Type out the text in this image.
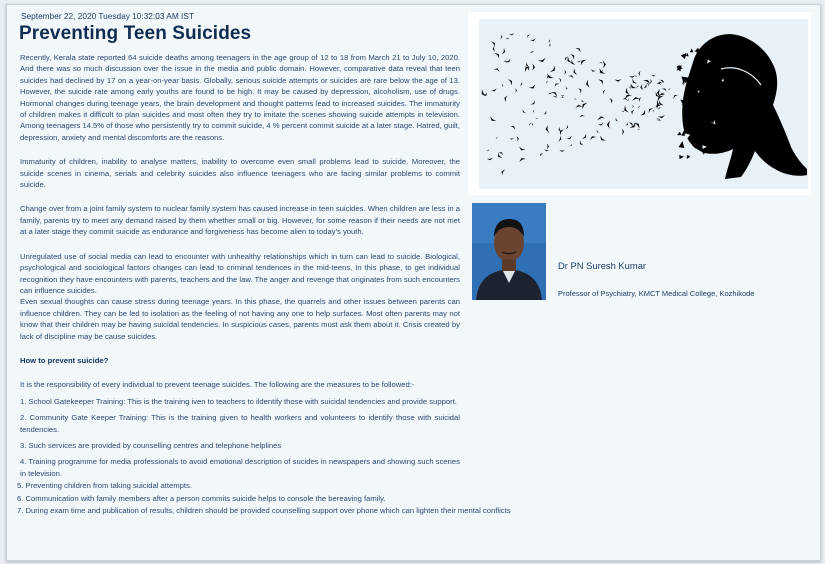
September 22, 2020 Tuesday 10:32:03 AM IST
Preventing Teen Suicides

Recently, Kerala state reported 64 suicide deaths among teenagers in the age group of 12 to 18 from March 21 to July 10, 2020. And there was so much discussion over the issue in the media and public domain. However, comparative data reveal that teen suicides had declined by 17 on a year-on-year basis. Globally, serious suicide attempts or suicides are rare below the age of 13. However, the suicide rate among early youths are found to be high. It may be caused by depression, alcoholism, use of drugs. Hormonal changes during teenage years, the brain development and thought patterns lead to increased suicides. The immaturity of children makes it difficult to plan suicides and most often they try to imitate the scenes showing suicide attempts in television. Among teenagers 14.5% of those who persistently try to commit suicide, 4 % percent commit suicide at a later stage. Hatred, guilt, depression, anxiety and mental discomforts are the reasons.

Immaturity of children, inability to analyse matters, inability to overcome even small problems lead to suicide. Moreover, the suicide scenes in cinema, serials and celebrity suicides also influence teenagers who are facing similar problems to commit suicide.

Change over from a joint family system to nuclear family system has caused increase in teen suicides. When children are less in a family, parents try to meet any demand raised by them whether small or big. However, for some reason if their needs are not met at a later stage they commit suicide as endurance and forgiveness has become alien to today's youth.

Unregulated use of social media can lead to encounter with unhealthy relationships which in turn can lead to suicide. Biological, psychological and sociological factors changes can lead to criminal tendences in the mid-teens. In this phase, to get individual recognition they have encounters with parents, teachers and the law. The anger and revenge that originates from such encounters can influence suicides.

Even sexual thoughts can cause stress during teenage years. In this phase, the quarrels and other issues between parents can influence children. They can be led to isolation as the feeling of not having any one to help surfaces. Most often parents may not know that their children may be having suicidal tendencies. In suspicious cases, parents must ask them about it. Crisis created by lack of discipline may be cause suicides.

How to prevent suicide?

It is the responsibility of every individual to prevent teenage suicides. The following are the measures to be followed:-

1. School Gatekeeper Training: This is the training iven to teachers to ildentify those with suicidal tendencies and provide support.

2. Community Gate Keeper Training: This is the training given to health workers and volunteers to identify those with suicidal tendencies.

3. Such services are provided by counselling centres and telephone helplines

4. Training programme for media professionals to avoid emotional description of sucides in newspapers and showing such scenes in television.

5. Preventing children from taking suicidal attempts.

6. Communication with family members after a person commits suicide helps to console the bereaving family.

7. During exam time and publication of results, children should be provided counselling support over phone which can lighten their mental conflicts

Dr PN Suresh Kumar
Professor of Psychiatry, KMCT Medical College, Kozhikode
